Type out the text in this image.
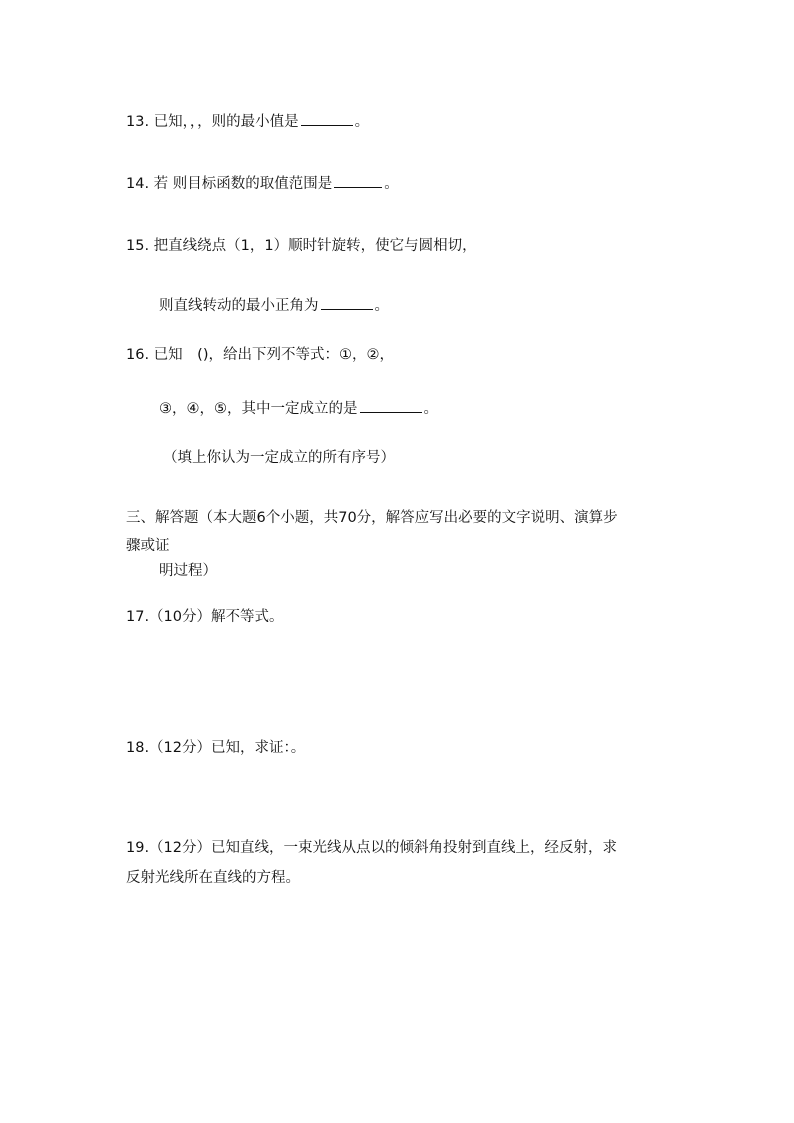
13. 已知，，，则的最小值是	。
14. 若 则目标函数的取值范围是	。
15. 把直线绕点（1，1）顺时针旋转，使它与圆相切，
则直线转动的最小正角为	。
16. 已知　()，给出下列不等式：①，②，
③，④，⑤，其中一定成立的是	。
（填上你认为一定成立的所有序号）
三、解答题（本大题6个小题，共70分，解答应写出必要的文字说明、演算步
骤或证
明过程）
17.（10分）解不等式。
18.（12分）已知，求证：。
19.（12分）已知直线，一束光线从点以的倾斜角投射到直线上，经反射，求
反射光线所在直线的方程。
